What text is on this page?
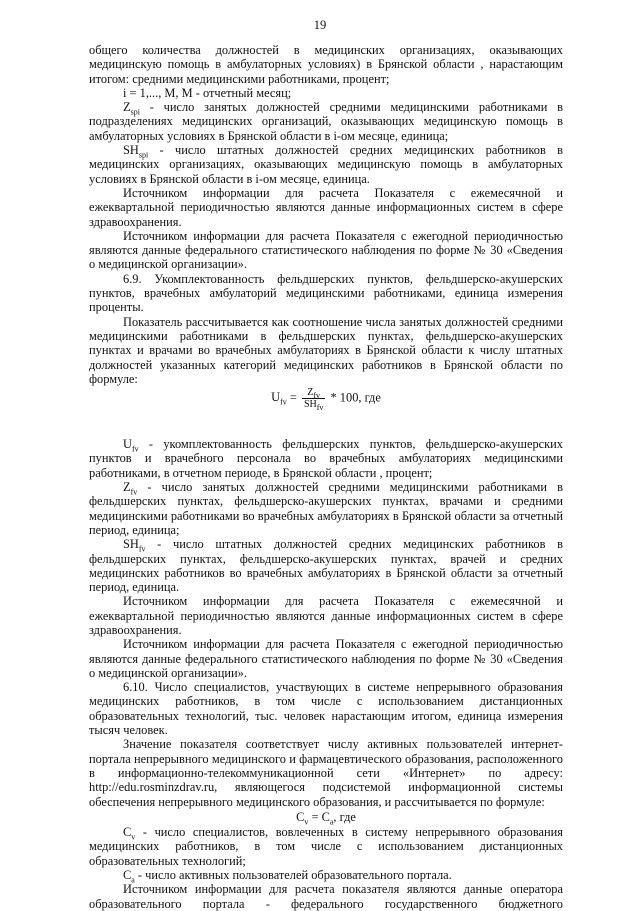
19

общего количества должностей в медицинских организациях, оказывающих медицинскую помощь в амбулаторных условиях) в Брянской области , нарастающим итогом: средними медицинскими работниками, процент;

i = 1,..., M, M - отчетный месяц;

$Z_{spi}$ - число занятых должностей средними медицинскими работниками в подразделениях медицинских организаций, оказывающих медицинскую помощь в амбулаторных условиях в Брянской области в i-ом месяце, единица;

$SH_{spi}$ - число штатных должностей средних медицинских работников в медицинских организациях, оказывающих медицинскую помощь в амбулаторных условиях в Брянской области в i-ом месяце, единица.

Источником информации для расчета Показателя с ежемесячной и ежеквартальной периодичностью являются данные информационных систем в сфере здравоохранения.

Источником информации для расчета Показателя с ежегодной периодичностью являются данные федерального статистического наблюдения по форме № 30 «Сведения о медицинской организации».

6.9. Укомплектованность фельдшерских пунктов, фельдшерско-акушерских пунктов, врачебных амбулаторий медицинскими работниками, единица измерения проценты.

Показатель рассчитывается как соотношение числа занятых должностей средними медицинскими работниками в фельдшерских пунктах, фельдшерско-акушерских пунктах и врачами во врачебных амбулаториях в Брянской области к числу штатных должностей указанных категорий медицинских работников в Брянской области по формуле:

$U_{fv} = \frac{Z_{fv}}{SH_{fv}} * 100$, где

$U_{fv}$ - укомплектованность фельдшерских пунктов, фельдшерско-акушерских пунктов и врачебного персонала во врачебных амбулаториях медицинскими работниками, в отчетном периоде, в Брянской области , процент;

$Z_{fv}$ - число занятых должностей средними медицинскими работниками в фельдшерских пунктах, фельдшерско-акушерских пунктах, врачами и средними медицинскими работниками во врачебных амбулаториях в Брянской области за отчетный период, единица;

$SH_{fv}$ - число штатных должностей средних медицинских работников в фельдшерских пунктах, фельдшерско-акушерских пунктах, врачей и средних медицинских работников во врачебных амбулаториях в Брянской области за отчетный период, единица.

Источником информации для расчета Показателя с ежемесячной и ежеквартальной периодичностью являются данные информационных систем в сфере здравоохранения.

Источником информации для расчета Показателя с ежегодной периодичностью являются данные федерального статистического наблюдения по форме № 30 «Сведения о медицинской организации».

6.10. Число специалистов, участвующих в системе непрерывного образования медицинских работников, в том числе с использованием дистанционных образовательных технологий, тыс. человек нарастающим итогом, единица измерения тысяч человек.

Значение показателя соответствует числу активных пользователей интернет-портала непрерывного медицинского и фармацевтического образования, расположенного в информационно-телекоммуникационной сети «Интернет» по адресу: http://edu.rosminzdrav.ru, являющегося подсистемой информационной системы обеспечения непрерывного медицинского образования, и рассчитывается по формуле:

$C_v = C_a$, где

$C_v$ - число специалистов, вовлеченных в систему непрерывного образования медицинских работников, в том числе с использованием дистанционных образовательных технологий;

$C_a$ - число активных пользователей образовательного портала.

Источником информации для расчета показателя являются данные оператора образовательного портала - федерального государственного бюджетного
